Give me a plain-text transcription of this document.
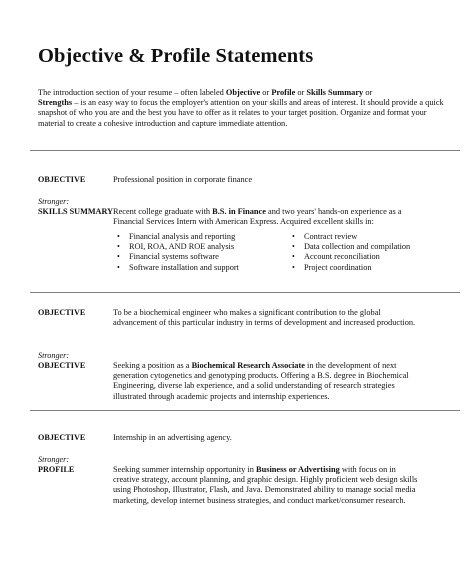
Objective & Profile Statements
The introduction section of your resume – often labeled Objective or Profile or Skills Summary or
Strengths – is an easy way to focus the employer's attention on your skills and areas of interest. It should provide a quick snapshot of who you are and the best you have to offer as it relates to your target position. Organize and format your material to create a cohesive introduction and capture immediate attention.
OBJECTIVE	Professional position in corporate finance
Stronger:
SKILLS SUMMARY Recent college graduate with B.S. in Finance and two years' hands-on experience as a Financial Services Intern with American Express. Acquired excellent skills in:
• Financial analysis and reporting
• ROI, ROA, AND ROE analysis
• Financial systems software
• Software installation and support
• Contract review
• Data collection and compilation
• Account reconciliation
• Project coordination
OBJECTIVE	To be a biochemical engineer who makes a significant contribution to the global advancement of this particular industry in terms of development and increased production.
Stronger:
OBJECTIVE	Seeking a position as a Biochemical Research Associate in the development of next generation cytogenetics and genotyping products. Offering a B.S. degree in Biochemical Engineering, diverse lab experience, and a solid understanding of research strategies illustrated through academic projects and internship experiences.
OBJECTIVE	Internship in an advertising agency.
Stronger:
PROFILE	Seeking summer internship opportunity in Business or Advertising with focus on in creative strategy, account planning, and graphic design. Highly proficient web design skills using Photoshop, Illustrator, Flash, and Java. Demonstrated ability to manage social media marketing, develop internet business strategies, and conduct market/consumer research.
